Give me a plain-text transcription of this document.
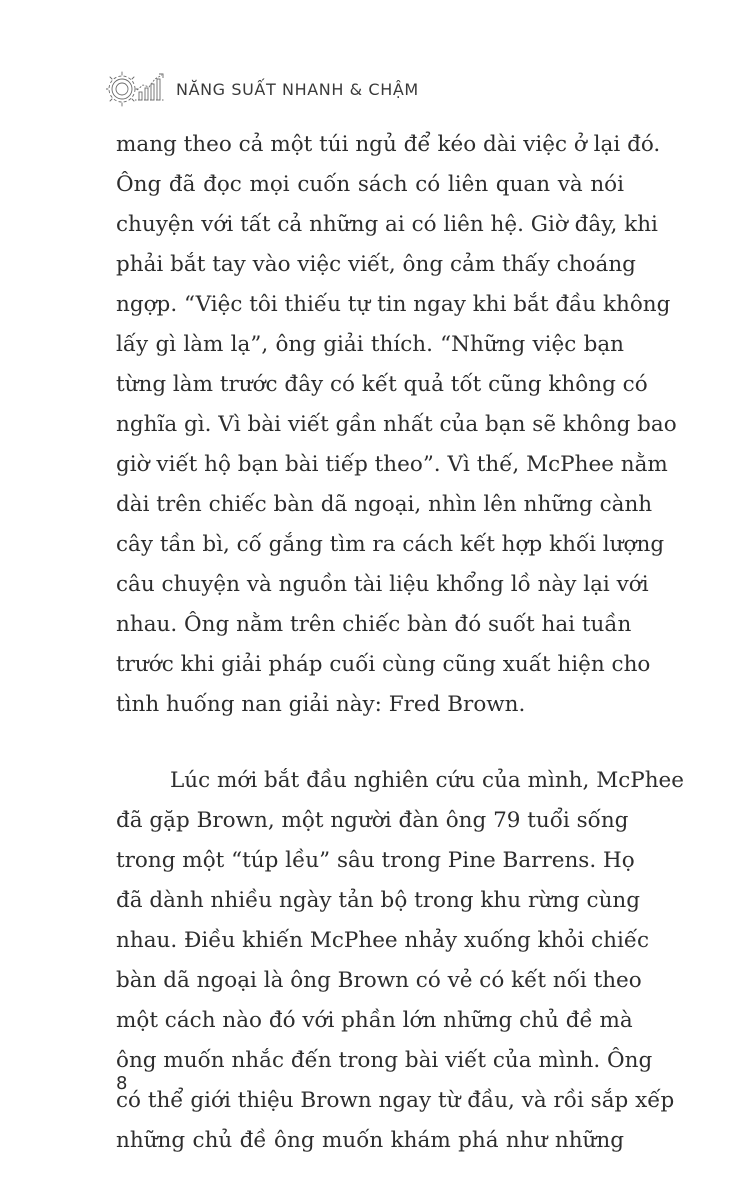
NĂNG SUẤT NHANH & CHẬM
mang theo cả một túi ngủ để kéo dài việc ở lại đó.
Ông đã đọc mọi cuốn sách có liên quan và nói
chuyện với tất cả những ai có liên hệ. Giờ đây, khi
phải bắt tay vào việc viết, ông cảm thấy choáng
ngợp. “Việc tôi thiếu tự tin ngay khi bắt đầu không
lấy gì làm lạ”, ông giải thích. “Những việc bạn
từng làm trước đây có kết quả tốt cũng không có
nghĩa gì. Vì bài viết gần nhất của bạn sẽ không bao
giờ viết hộ bạn bài tiếp theo”. Vì thế, McPhee nằm
dài trên chiếc bàn dã ngoại, nhìn lên những cành
cây tần bì, cố gắng tìm ra cách kết hợp khối lượng
câu chuyện và nguồn tài liệu khổng lồ này lại với
nhau. Ông nằm trên chiếc bàn đó suốt hai tuần
trước khi giải pháp cuối cùng cũng xuất hiện cho
tình huống nan giải này: Fred Brown.
Lúc mới bắt đầu nghiên cứu của mình, McPhee
đã gặp Brown, một người đàn ông 79 tuổi sống
trong một “túp lều” sâu trong Pine Barrens. Họ
đã dành nhiều ngày tản bộ trong khu rừng cùng
nhau. Điều khiến McPhee nhảy xuống khỏi chiếc
bàn dã ngoại là ông Brown có vẻ có kết nối theo
một cách nào đó với phần lớn những chủ đề mà
ông muốn nhắc đến trong bài viết của mình. Ông
có thể giới thiệu Brown ngay từ đầu, và rồi sắp xếp
những chủ đề ông muốn khám phá như những
8
